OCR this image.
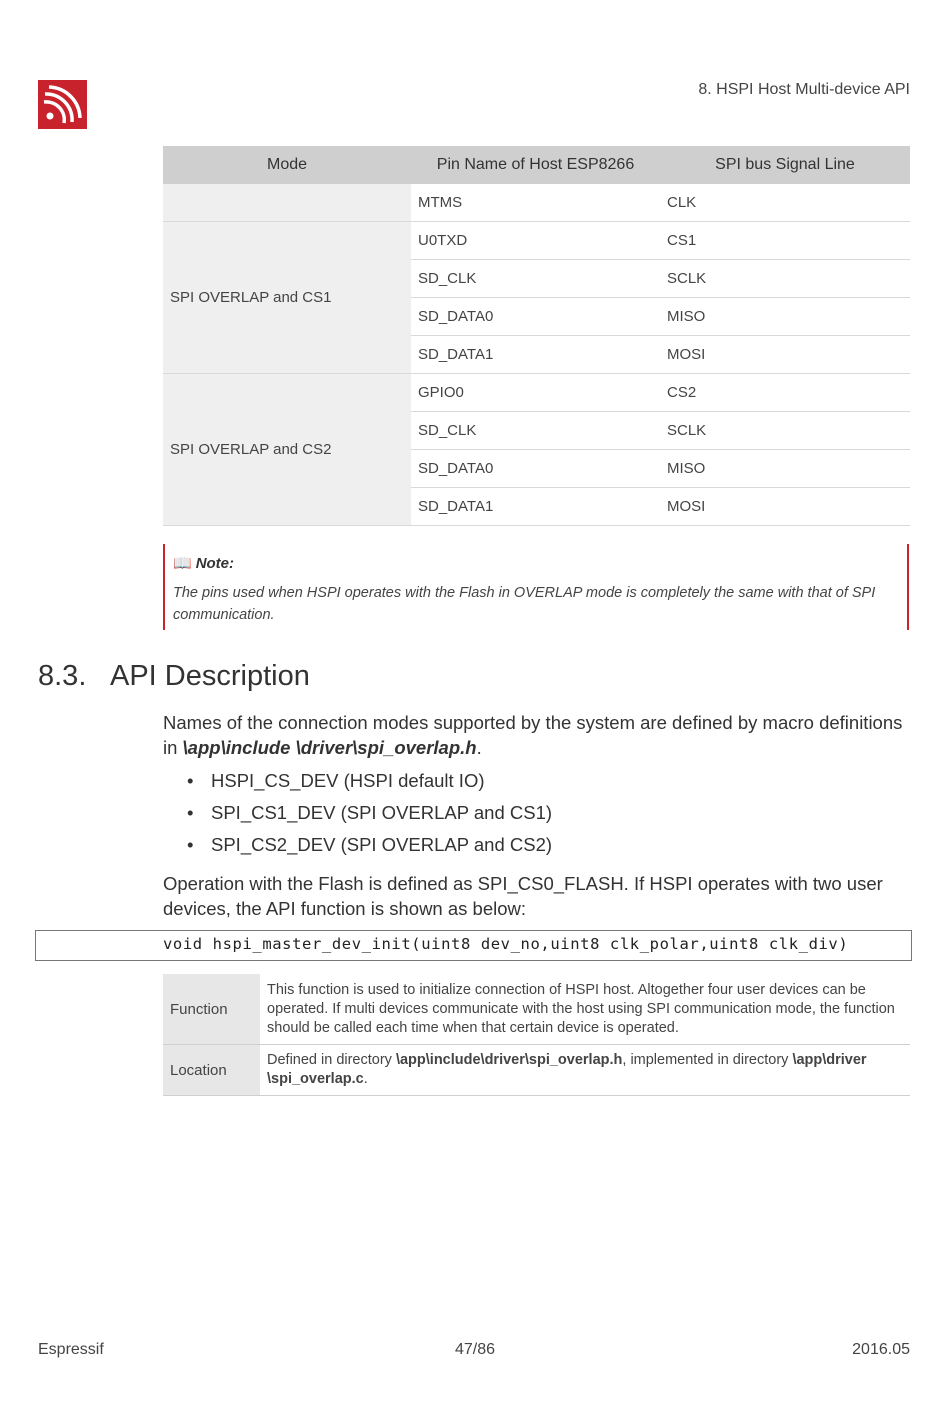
8. HSPI Host Multi-device API
Mode	Pin Name of Host ESP8266	SPI bus Signal Line
	MTMS	CLK
SPI OVERLAP and CS1	U0TXD	CS1
	SD_CLK	SCLK
	SD_DATA0	MISO
	SD_DATA1	MOSI
SPI OVERLAP and CS2	GPIO0	CS2
	SD_CLK	SCLK
	SD_DATA0	MISO
	SD_DATA1	MOSI
📖 Note:
The pins used when HSPI operates with the Flash in OVERLAP mode is completely the same with that of SPI communication.
8.3. API Description
Names of the connection modes supported by the system are defined by macro definitions in \app\include \driver\spi_overlap.h.
• HSPI_CS_DEV (HSPI default IO)
• SPI_CS1_DEV (SPI OVERLAP and CS1)
• SPI_CS2_DEV (SPI OVERLAP and CS2)
Operation with the Flash is defined as SPI_CS0_FLASH. If HSPI operates with two user devices, the API function is shown as below:
void hspi_master_dev_init(uint8 dev_no,uint8 clk_polar,uint8 clk_div)
Function	This function is used to initialize connection of HSPI host. Altogether four user devices can be operated. If multi devices communicate with the host using SPI communication mode, the function should be called each time when that certain device is operated.
Location	Defined in directory \app\include\driver\spi_overlap.h, implemented in directory \app\driver
\spi_overlap.c.
Espressif	47/86	2016.05
